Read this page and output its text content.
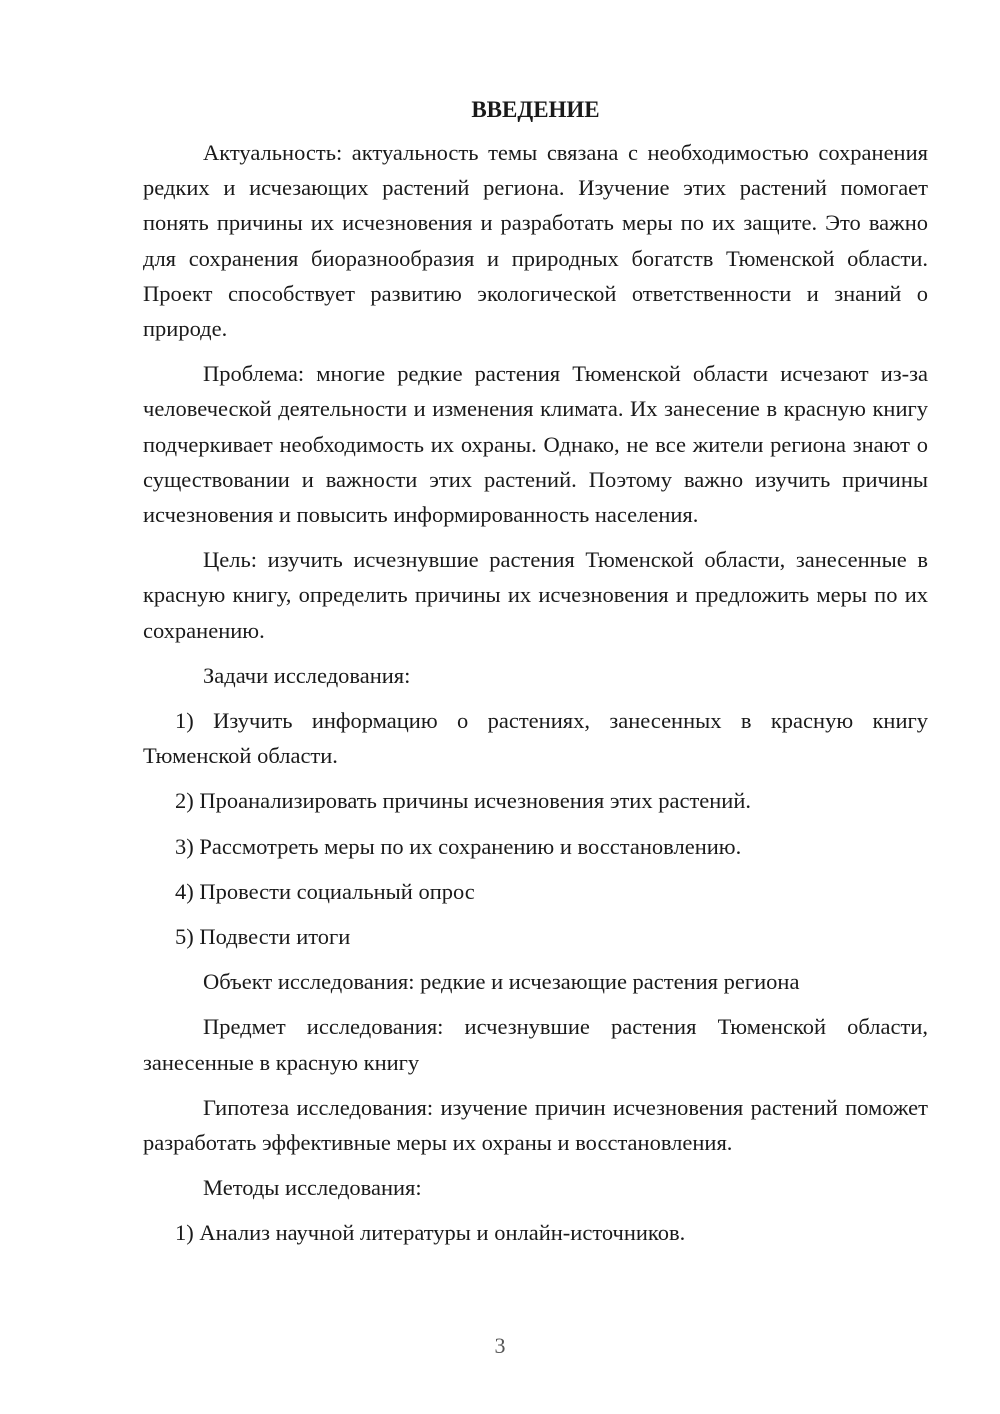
ВВЕДЕНИЕ

Актуальность: актуальность темы связана с необходимостью сохранения редких и исчезающих растений региона. Изучение этих растений помогает понять причины их исчезновения и разработать меры по их защите. Это важно для сохранения биоразнообразия и природных богатств Тюменской области. Проект способствует развитию экологической ответственности и знаний о природе.

Проблема: многие редкие растения Тюменской области исчезают из-за человеческой деятельности и изменения климата. Их занесение в красную книгу подчеркивает необходимость их охраны. Однако, не все жители региона знают о существовании и важности этих растений. Поэтому важно изучить причины исчезновения и повысить информированность населения.

Цель: изучить исчезнувшие растения Тюменской области, занесенные в красную книгу, определить причины их исчезновения и предложить меры по их сохранению.

Задачи исследования:

1) Изучить информацию о растениях, занесенных в красную книгу Тюменской области.

2) Проанализировать причины исчезновения этих растений.

3) Рассмотреть меры по их сохранению и восстановлению.

4) Провести социальный опрос

5) Подвести итоги

Объект исследования: редкие и исчезающие растения региона

Предмет исследования: исчезнувшие растения Тюменской области, занесенные в красную книгу

Гипотеза исследования: изучение причин исчезновения растений поможет разработать эффективные меры их охраны и восстановления.

Методы исследования:

1) Анализ научной литературы и онлайн-источников.

3
